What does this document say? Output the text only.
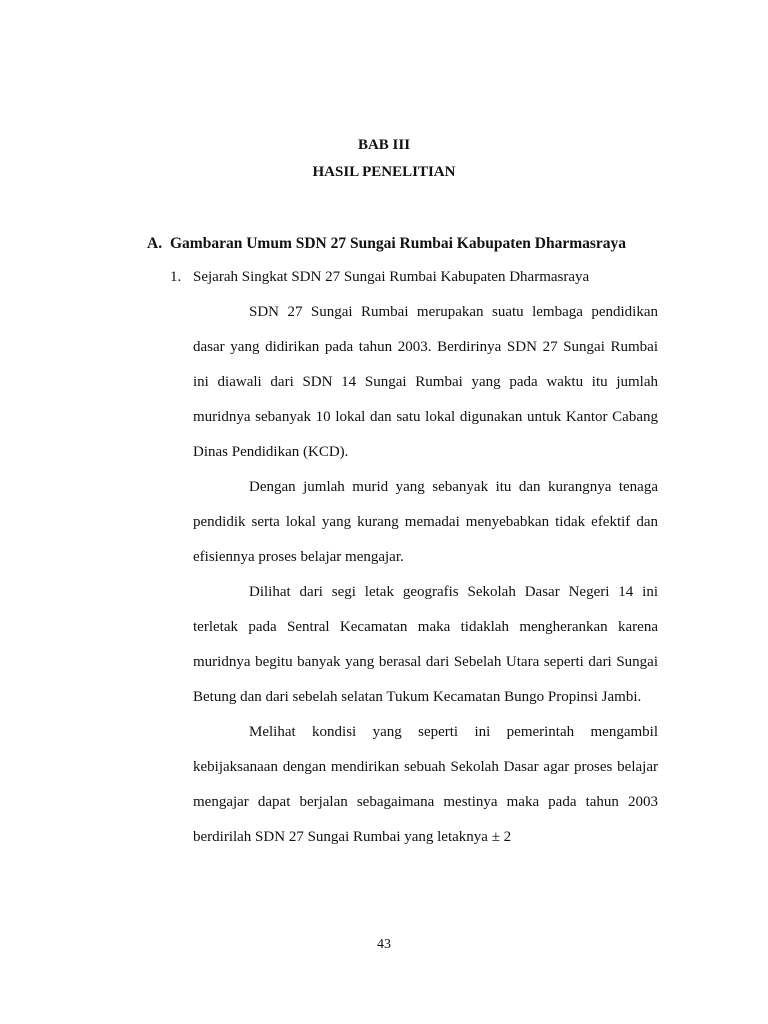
BAB III
HASIL PENELITIAN
A. Gambaran Umum SDN 27 Sungai Rumbai Kabupaten Dharmasraya
1. Sejarah Singkat SDN 27 Sungai Rumbai Kabupaten Dharmasraya

SDN 27 Sungai Rumbai merupakan suatu lembaga pendidikan dasar yang didirikan pada tahun 2003. Berdirinya SDN 27 Sungai Rumbai ini diawali dari SDN 14 Sungai Rumbai yang pada waktu itu jumlah muridnya sebanyak 10 lokal dan satu lokal digunakan untuk Kantor Cabang Dinas Pendidikan (KCD).

Dengan jumlah murid yang sebanyak itu dan kurangnya tenaga pendidik serta lokal yang kurang memadai menyebabkan tidak efektif dan efisiennya proses belajar mengajar.

Dilihat dari segi letak geografis Sekolah Dasar Negeri 14 ini terletak pada Sentral Kecamatan maka tidaklah mengherankan karena muridnya begitu banyak yang berasal dari Sebelah Utara seperti dari Sungai Betung dan dari sebelah selatan Tukum Kecamatan Bungo Propinsi Jambi.

Melihat kondisi yang seperti ini pemerintah mengambil kebijaksanaan dengan mendirikan sebuah Sekolah Dasar agar proses belajar mengajar dapat berjalan sebagaimana mestinya maka pada tahun 2003 berdirilah SDN 27 Sungai Rumbai yang letaknya ± 2

43
